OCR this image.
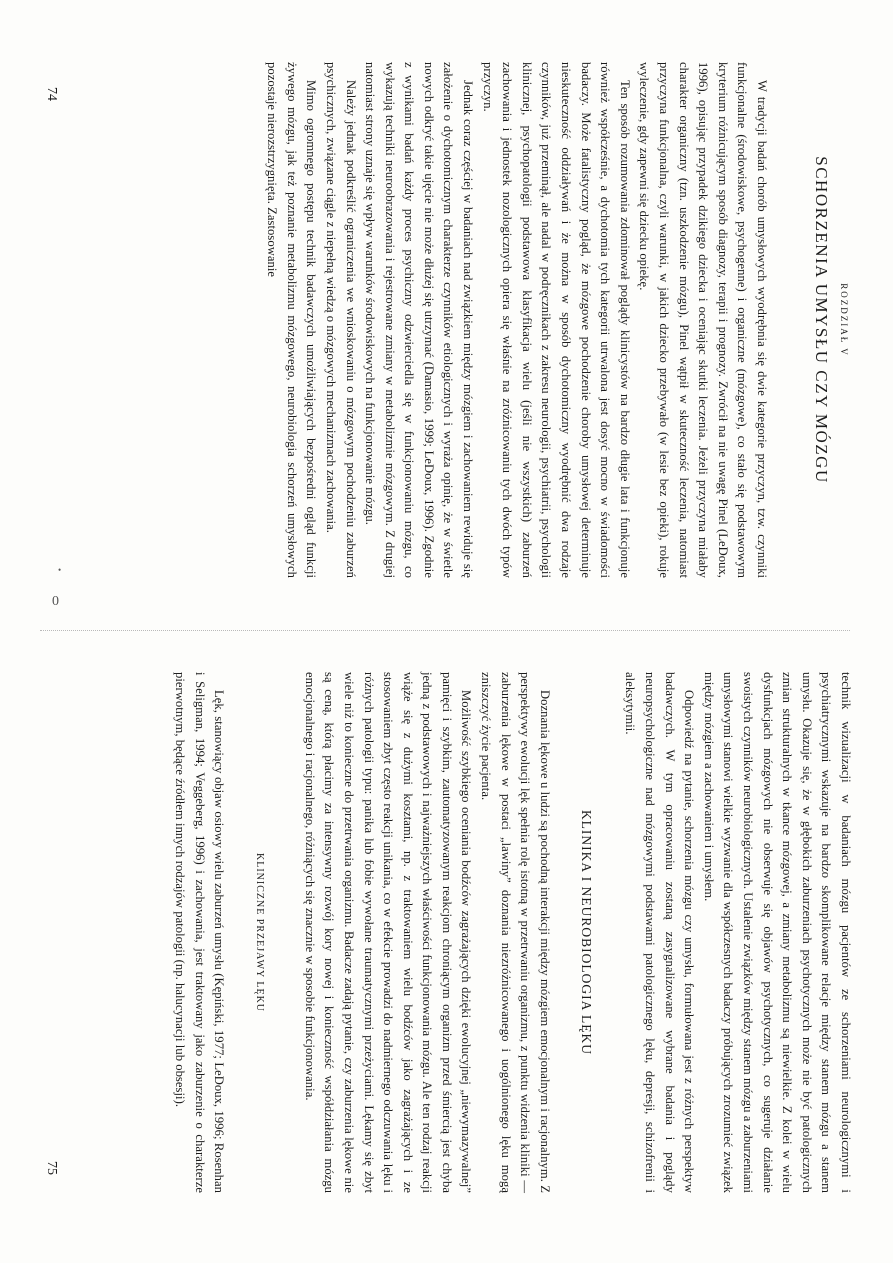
0
•
74
75
ROZDZIAŁ V
SCHORZENIA UMYSŁU CZY MÓZGU

W tradycji badań chorób umysłowych wyodrębnia się dwie kategorie przyczyn, tzw. czynniki funkcjonalne (środowiskowe, psychogenne) i organiczne (mózgowe), co stało się podstawowym kryterium różnicującym sposób diagnozy, terapii i prognozy. Zwrócił na nie uwagę Pinel (LeDoux, 1996), opisując przypadek dzikiego dziecka i oceniając skutki leczenia. Jeżeli przyczyna miałaby charakter organiczny (tzn. uszkodzenie mózgu), Pinel wątpił w skuteczność leczenia, natomiast przyczyna funkcjonalna, czyli warunki, w jakich dziecko przebywało (w lesie bez opieki), rokuje wyleczenie, gdy zapewni się dziecku opiekę.

Ten sposób rozumowania zdominował poglądy klinicystów na bardzo długie lata i funkcjonuje również współcześnie, a dychotomia tych kategorii utrwalona jest dosyć mocno w świadomości badaczy. Może fatalistyczny pogląd, że mózgowe pochodzenie choroby umysłowej determinuje nieskuteczność oddziaływań i że można w sposób dychotomiczny wyodrębnić dwa rodzaje czynników, już przeminął, ale nadal w podręcznikach z zakresu neurologii, psychiatrii, psychologii klinicznej, psychopatologii podstawowa klasyfikacja wielu (jeśli nie wszystkich) zaburzeń zachowania i jednostek nozologicznych opiera się właśnie na zróżnicowaniu tych dwóch typów przyczyn.

Jednak coraz częściej w badaniach nad związkiem między mózgiem i zachowaniem rewiduje się założenie o dychotomicznym charakterze czynników etiologicznych i wyraża opinię, że w świetle nowych odkryć takie ujęcie nie może dłużej się utrzymać (Damasio, 1999; LeDoux, 1996). Zgodnie z wynikami badań każdy proces psychiczny odzwierciedla się w funkcjonowaniu mózgu, co wykazują techniki neuroobrazowania i rejestrowane zmiany w metabolizmie mózgowym. Z drugiej natomiast strony uznaje się wpływ warunków środowiskowych na funkcjonowanie mózgu.

Należy jednak podkreślić ograniczenia we wnioskowaniu o mózgowym pochodzeniu zaburzeń psychicznych, związane ciągle z niepełną wiedzą o mózgowych mechanizmach zachowania.

Mimo ogromnego postępu technik badawczych umożliwiających bezpośredni ogląd funkcji żywego mózgu, jak też poznanie metabolizmu mózgowego, neurobiologia schorzeń umysłowych pozostaje nierozstrzygnięta. Zastosowanie

technik wizualizacji w badaniach mózgu pacjentów ze schorzeniami neurologicznymi i psychiatrycznymi wskazuje na bardzo skomplikowane relacje między stanem mózgu a stanem umysłu. Okazuje się, że w głębokich zaburzeniach psychotycznych może nie być patologicznych zmian strukturalnych w tkance mózgowej, a zmiany metabolizmu są niewielkie. Z kolei w wielu dysfunkcjach mózgowych nie obserwuje się objawów psychotycznych, co sugeruje działanie swoistych czynników neurobiologicznych. Ustalenie związków między stanem mózgu a zaburzeniami umysłowymi stanowi wielkie wyzwanie dla współczesnych badaczy próbujących zrozumieć związek między mózgiem a zachowaniem i umysłem.

Odpowiedź na pytanie, schorzenia mózgu czy umysłu, formułowana jest z różnych perspektyw badawczych. W tym opracowaniu zostaną zasygnalizowane wybrane badania i poglądy neuropsychologiczne nad mózgowymi podstawami patologicznego lęku, depresji, schizofrenii i aleksytymii.

KLINIKA I NEUROBIOLOGIA LĘKU

Doznania lękowe u ludzi są pochodną interakcji między mózgiem emocjonalnym i racjonalnym. Z perspektywy ewolucji lęk spełnia rolę istotną w przetrwaniu organizmu, z punktu widzenia kliniki — zaburzenia lękowe w postaci „lawiny” doznania niezróżnicowanego i uogólnionego lęku mogą zniszczyć życie pacjenta.

Możliwość szybkiego oceniania bodźców zagrażających dzięki ewolucyjnej „niewymazywalnej” pamięci i szybkim, zautomatyzowanym reakcjom chroniącym organizm przed śmiercią jest chyba jedną z podstawowych i najważniejszych właściwości funkcjonowania mózgu. Ale ten rodzaj reakcji wiąże się z dużymi kosztami, np. z traktowaniem wielu bodźców jako zagrażających i ze stosowaniem zbyt często reakcji unikania, co w efekcie prowadzi do nadmiernego odczuwania lęku i różnych patologii typu: panika lub fobie wywołane traumatycznymi przeżyciami. Lękamy się zbyt wiele niż to konieczne do przetrwania organizmu. Badacze zadają pytanie, czy zaburzenia lękowe nie są ceną, którą płacimy za intensywny rozwój kory nowej i konieczność współdziałania mózgu emocjonalnego i racjonalnego, różniących się znacznie w sposobie funkcjonowania.

KLINICZNE PRZEJAWY LĘKU

Lęk, stanowiący objaw osiowy wielu zaburzeń umysłu (Kępiński, 1977; LeDoux, 1996; Rosenhan i Seligman, 1994; Veggeberg, 1996) i zachowania, jest traktowany jako zaburzenie o charakterze pierwotnym, będące źródłem innych rodzajów patologii (np. halucynacji lub obsesji).
